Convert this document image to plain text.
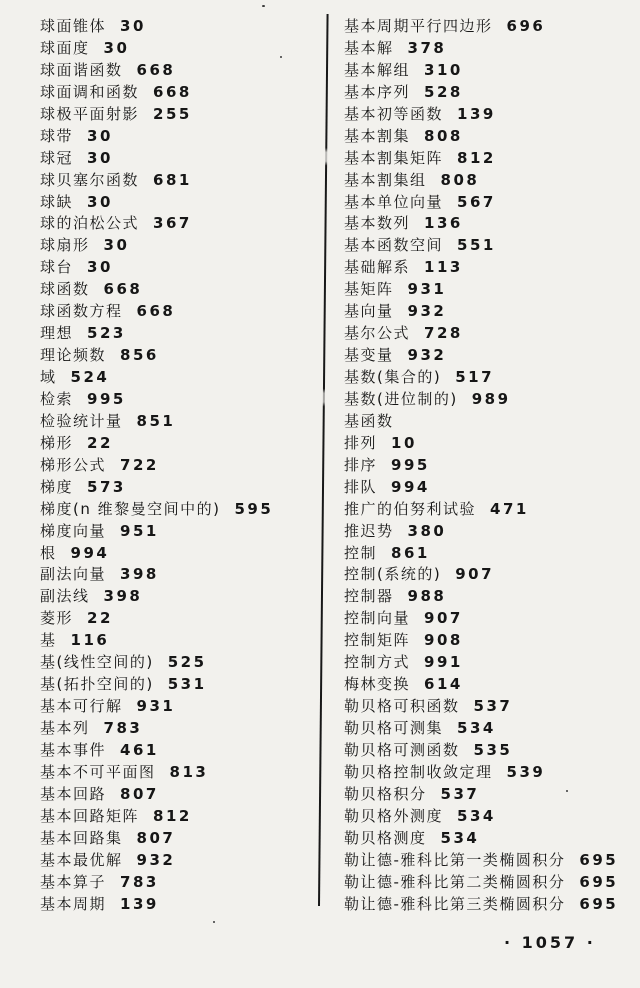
球面锥体 30
球面度 30
球面谐函数 668
球面调和函数 668
球极平面射影 255
球带 30
球冠 30
球贝塞尔函数 681
球缺 30
球的泊松公式 367
球扇形 30
球台 30
球函数 668
球函数方程 668
理想 523
理论频数 856
域 524
检索 995
检验统计量 851
梯形 22
梯形公式 722
梯度 573
梯度(n 维黎曼空间中的) 595
梯度向量 951
根 994
副法向量 398
副法线 398
菱形 22
基 116
基(线性空间的) 525
基(拓扑空间的) 531
基本可行解 931
基本列 783
基本事件 461
基本不可平面图 813
基本回路 807
基本回路矩阵 812
基本回路集 807
基本最优解 932
基本算子 783
基本周期 139
基本周期平行四边形 696
基本解 378
基本解组 310
基本序列 528
基本初等函数 139
基本割集 808
基本割集矩阵 812
基本割集组 808
基本单位向量 567
基本数列 136
基本函数空间 551
基础解系 113
基矩阵 931
基向量 932
基尔公式 728
基变量 932
基数(集合的) 517
基数(进位制的) 989
基函数
排列 10
排序 995
排队 994
推广的伯努利试验 471
推迟势 380
控制 861
控制(系统的) 907
控制器 988
控制向量 907
控制矩阵 908
控制方式 991
梅林变换 614
勒贝格可积函数 537
勒贝格可测集 534
勒贝格可测函数 535
勒贝格控制收敛定理 539
勒贝格积分 537
勒贝格外测度 534
勒贝格测度 534
勒让德-雅科比第一类椭圆积分 695
勒让德-雅科比第二类椭圆积分 695
勒让德-雅科比第三类椭圆积分 695
· 1057 ·
